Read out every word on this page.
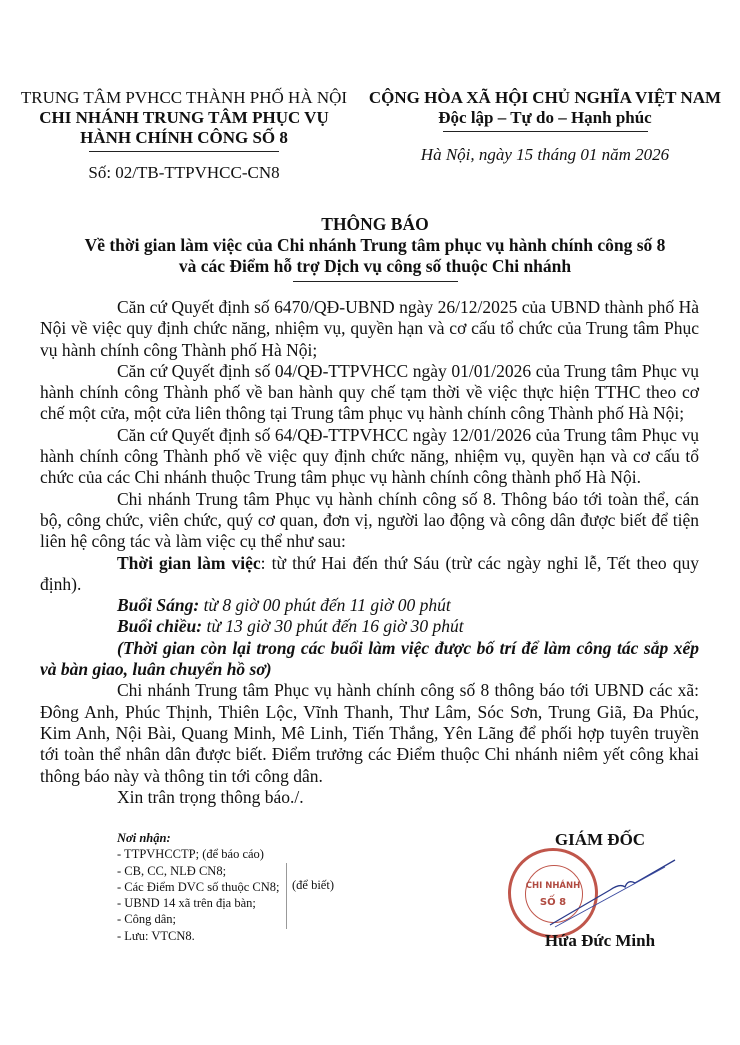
TRUNG TÂM PVHCC THÀNH PHỐ HÀ NỘI
CHI NHÁNH TRUNG TÂM PHỤC VỤ
HÀNH CHÍNH CÔNG SỐ 8
Số: 02/TB-TTPVHCC-CN8
CỘNG HÒA XÃ HỘI CHỦ NGHĨA VIỆT NAM
Độc lập – Tự do – Hạnh phúc
Hà Nội, ngày 15 tháng 01 năm 2026
THÔNG BÁO
Về thời gian làm việc của Chi nhánh Trung tâm phục vụ hành chính công số 8
và các Điểm hỗ trợ Dịch vụ công số thuộc Chi nhánh

Căn cứ Quyết định số 6470/QĐ-UBND ngày 26/12/2025 của UBND thành phố Hà Nội về việc quy định chức năng, nhiệm vụ, quyền hạn và cơ cấu tổ chức của Trung tâm Phục vụ hành chính công Thành phố Hà Nội;

Căn cứ Quyết định số 04/QĐ-TTPVHCC ngày 01/01/2026 của Trung tâm Phục vụ hành chính công Thành phố về ban hành quy chế tạm thời về việc thực hiện TTHC theo cơ chế một cửa, một cửa liên thông tại Trung tâm phục vụ hành chính công Thành phố Hà Nội;

Căn cứ Quyết định số 64/QĐ-TTPVHCC ngày 12/01/2026 của Trung tâm Phục vụ hành chính công Thành phố về việc quy định chức năng, nhiệm vụ, quyền hạn và cơ cấu tổ chức của các Chi nhánh thuộc Trung tâm phục vụ hành chính công thành phố Hà Nội.

Chi nhánh Trung tâm Phục vụ hành chính công số 8. Thông báo tới toàn thể, cán bộ, công chức, viên chức, quý cơ quan, đơn vị, người lao động và công dân được biết để tiện liên hệ công tác và làm việc cụ thể như sau:

Thời gian làm việc: từ thứ Hai đến thứ Sáu (trừ các ngày nghỉ lễ, Tết theo quy định).

Buổi Sáng: từ 8 giờ 00 phút đến 11 giờ 00 phút

Buổi chiều: từ 13 giờ 30 phút đến 16 giờ 30 phút

(Thời gian còn lại trong các buổi làm việc được bố trí để làm công tác sắp xếp và bàn giao, luân chuyển hồ sơ)

Chi nhánh Trung tâm Phục vụ hành chính công số 8 thông báo tới UBND các xã: Đông Anh, Phúc Thịnh, Thiên Lộc, Vĩnh Thanh, Thư Lâm, Sóc Sơn, Trung Giã, Đa Phúc, Kim Anh, Nội Bài, Quang Minh, Mê Linh, Tiến Thắng, Yên Lãng để phối hợp tuyên truyền tới toàn thể nhân dân được biết. Điểm trưởng các Điểm thuộc Chi nhánh niêm yết công khai thông báo này và thông tin tới công dân.

Xin trân trọng thông báo./.

Nơi nhận:
- TTPVHCCTP; (để báo cáo)
- CB, CC, NLĐ CN8;
- Các Điểm DVC số thuộc CN8;
- UBND 14 xã trên địa bàn;
- Công dân;
- Lưu: VTCN8.
(để biết)
GIÁM ĐỐC
CHI NHÁNH
SỐ 8
Hứa Đức Minh
